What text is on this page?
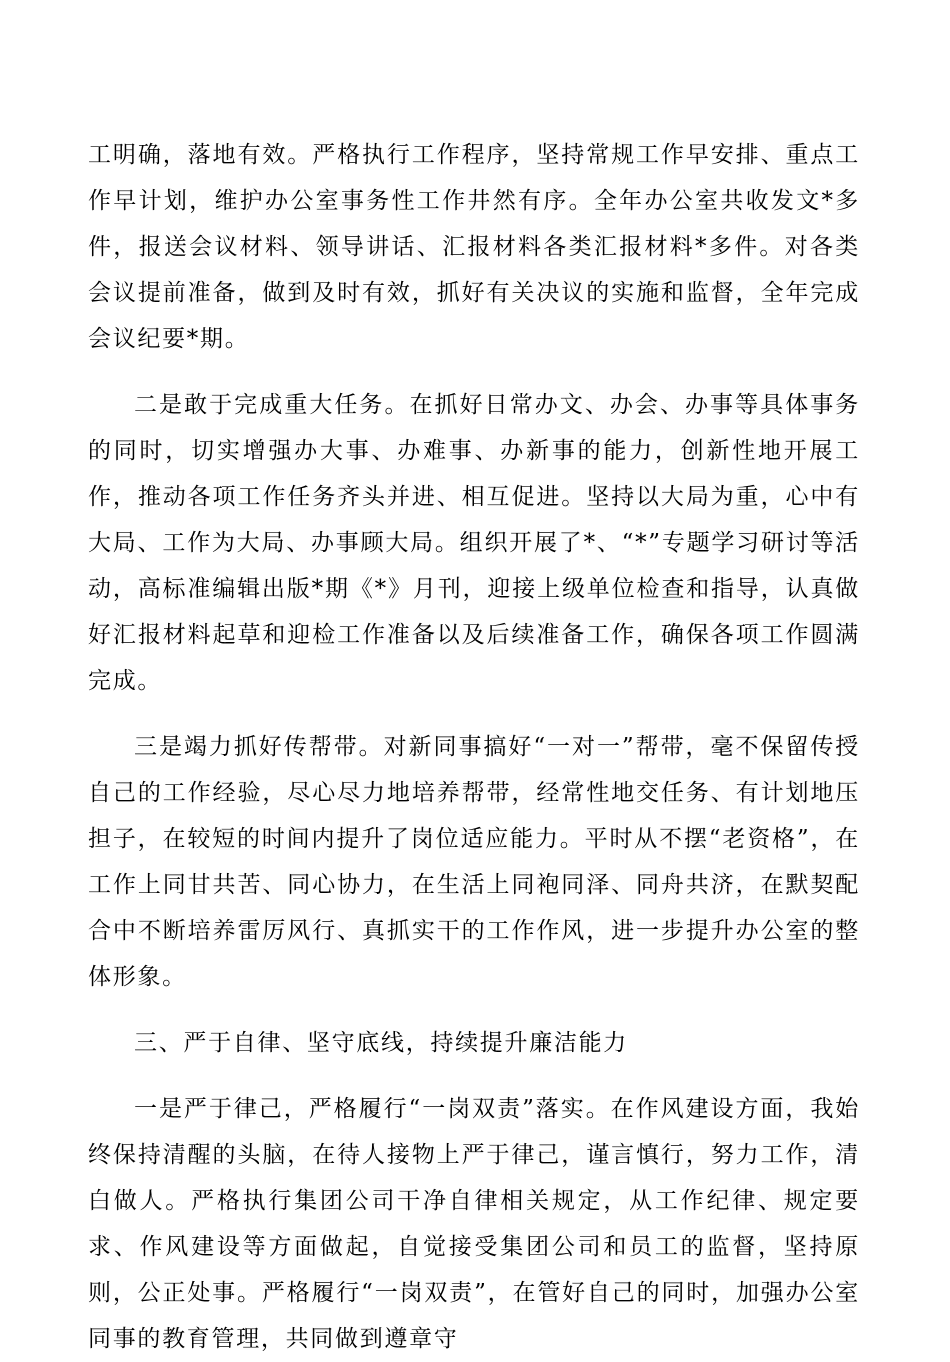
工明确，落地有效。严格执行工作程序，坚持常规工作早安排、重点工作早计划，维护办公室事务性工作井然有序。全年办公室共收发文*多件，报送会议材料、领导讲话、汇报材料各类汇报材料*多件。对各类会议提前准备，做到及时有效，抓好有关决议的实施和监督，全年完成会议纪要*期。

二是敢于完成重大任务。在抓好日常办文、办会、办事等具体事务的同时，切实增强办大事、办难事、办新事的能力，创新性地开展工作，推动各项工作任务齐头并进、相互促进。坚持以大局为重，心中有大局、工作为大局、办事顾大局。组织开展了*、“*”专题学习研讨等活动，高标准编辑出版*期《*》月刊，迎接上级单位检查和指导，认真做好汇报材料起草和迎检工作准备以及后续准备工作，确保各项工作圆满完成。

三是竭力抓好传帮带。对新同事搞好“一对一”帮带，毫不保留传授自己的工作经验，尽心尽力地培养帮带，经常性地交任务、有计划地压担子，在较短的时间内提升了岗位适应能力。平时从不摆“老资格”，在工作上同甘共苦、同心协力，在生活上同袍同泽、同舟共济，在默契配合中不断培养雷厉风行、真抓实干的工作作风，进一步提升办公室的整体形象。

三、严于自律、坚守底线，持续提升廉洁能力

一是严于律己，严格履行“一岗双责”落实。在作风建设方面，我始终保持清醒的头脑，在待人接物上严于律己，谨言慎行，努力工作，清白做人。严格执行集团公司干净自律相关规定，从工作纪律、规定要求、作风建设等方面做起，自觉接受集团公司和员工的监督，坚持原则，公正处事。严格履行“一岗双责”，在管好自己的同时，加强办公室同事的教育管理，共同做到遵章守
